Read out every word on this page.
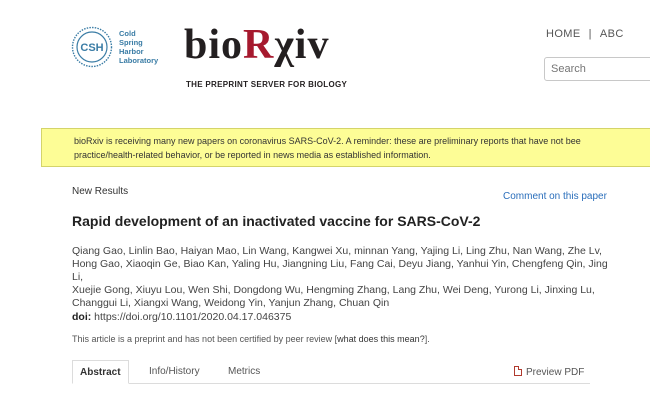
CSH
Cold
Spring
Harbor
Laboratory bioRχiv
THE PREPRINT SERVER FOR BIOLOGY
HOME | ABC
Search
bioRxiv is receiving many new papers on coronavirus SARS-CoV-2. A reminder: these are preliminary reports that have not bee
practice/health-related behavior, or be reported in news media as established information.
New Results	Comment on this paper
Rapid development of an inactivated vaccine for SARS-CoV-2
Qiang Gao, Linlin Bao, Haiyan Mao, Lin Wang, Kangwei Xu, minnan Yang, Yajing Li, Ling Zhu, Nan Wang, Zhe Lv,
Hong Gao, Xiaoqin Ge, Biao Kan, Yaling Hu, Jiangning Liu, Fang Cai, Deyu Jiang, Yanhui Yin, Chengfeng Qin, Jing Li,
Xuejie Gong, Xiuyu Lou, Wen Shi, Dongdong Wu, Hengming Zhang, Lang Zhu, Wei Deng, Yurong Li, Jinxing Lu,
Changgui Li, Xiangxi Wang, Weidong Yin, Yanjun Zhang, Chuan Qin
doi: https://doi.org/10.1101/2020.04.17.046375
This article is a preprint and has not been certified by peer review [what does this mean?].
Abstract	Info/History	Metrics	Preview PDF
